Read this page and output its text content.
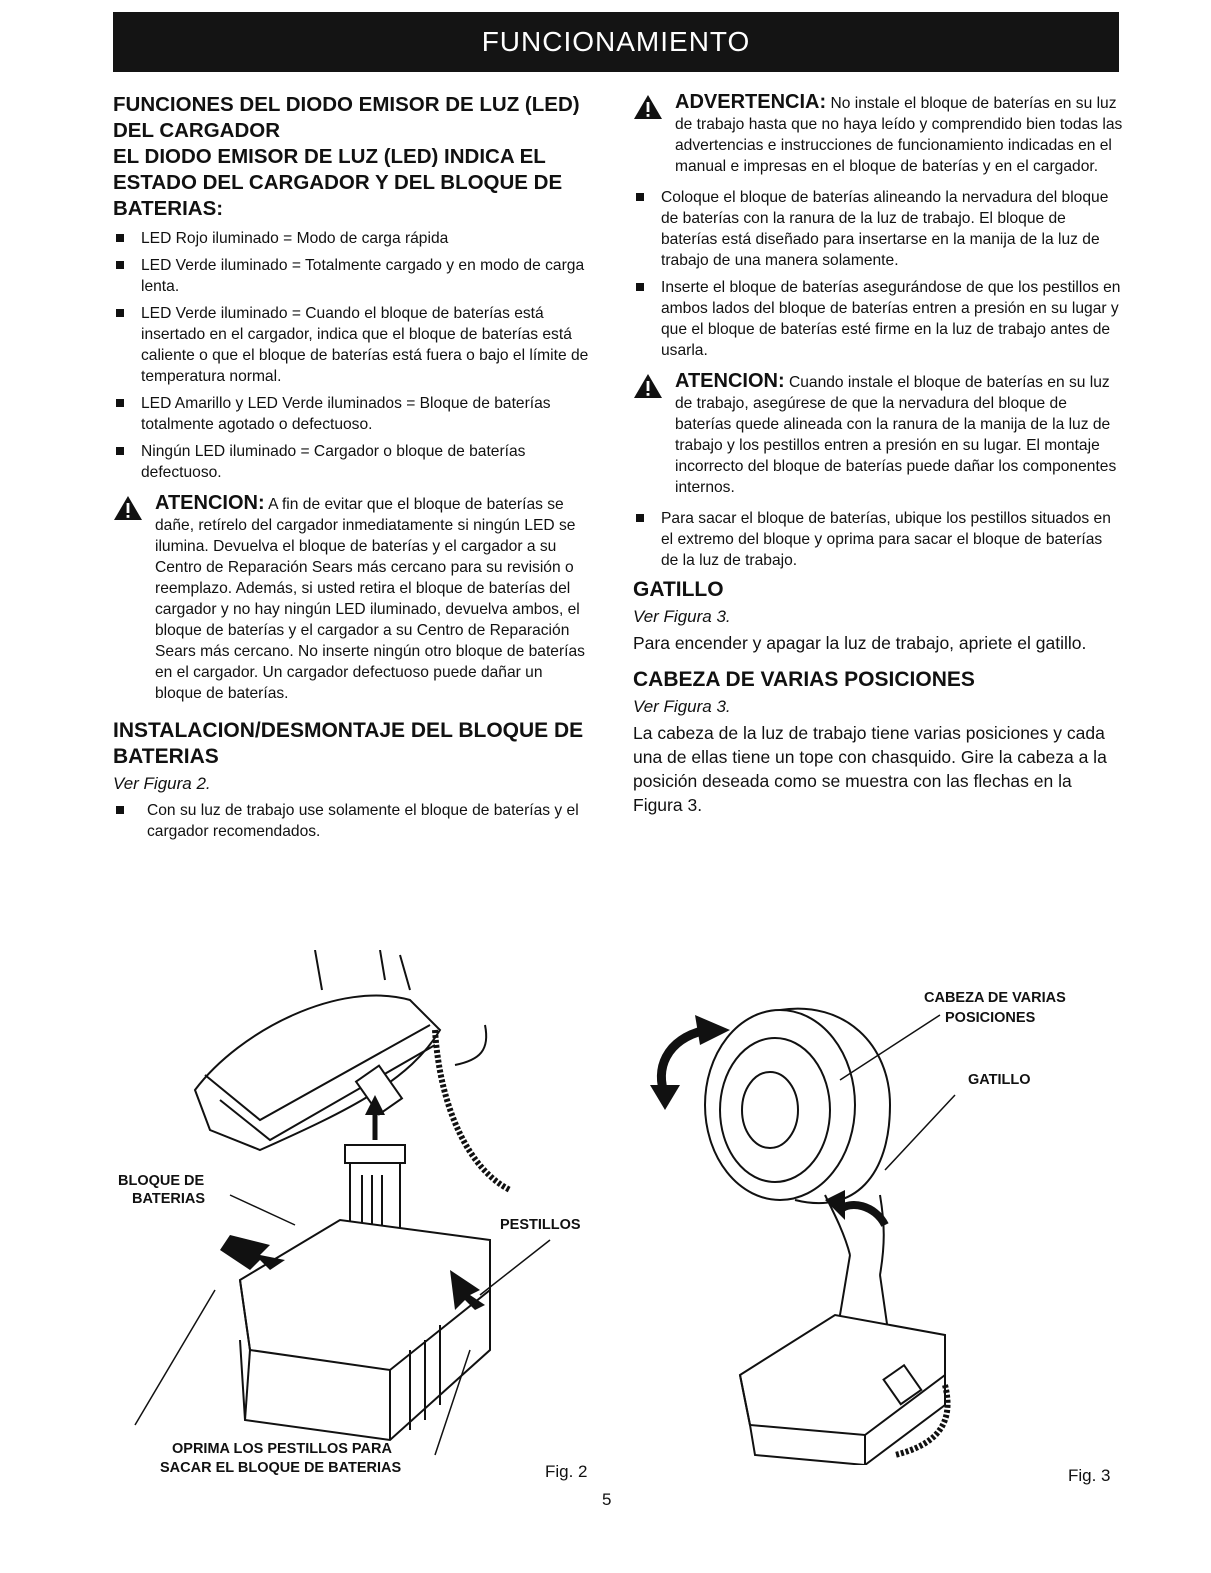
FUNCIONAMIENTO

FUNCIONES DEL DIODO EMISOR DE LUZ (LED) DEL CARGADOR

EL DIODO EMISOR DE LUZ (LED) INDICA EL ESTADO DEL CARGADOR Y DEL BLOQUE DE BATERIAS:

LED Rojo iluminado = Modo de carga rápida
LED Verde iluminado = Totalmente cargado y en modo de carga lenta.
LED Verde iluminado = Cuando el bloque de baterías está insertado en el cargador, indica que el bloque de baterías está caliente o que el bloque de baterías está fuera o bajo el límite de temperatura normal.
LED Amarillo y LED Verde iluminados = Bloque de baterías totalmente agotado o defectuoso.
Ningún LED iluminado = Cargador o bloque de baterías defectuoso.
ATENCION: A fin de evitar que el bloque de baterías se dañe, retírelo del cargador inmediatamente si ningún LED se ilumina. Devuelva el bloque de baterías y el cargador a su Centro de Reparación Sears más cercano para su revisión o reemplazo. Además, si usted retira el bloque de baterías del cargador y no hay ningún LED iluminado, devuelva ambos, el bloque de baterías y el cargador a su Centro de Reparación Sears más cercano. No inserte ningún otro bloque de baterías en el cargador. Un cargador defectuoso puede dañar un bloque de baterías.

INSTALACION/DESMONTAJE DEL BLOQUE DE BATERIAS

Ver Figura 2.

Con su luz de trabajo use solamente el bloque de baterías y el cargador recomendados.
ADVERTENCIA: No instale el bloque de baterías en su luz de trabajo hasta que no haya leído y comprendido bien todas las advertencias e instrucciones de funcionamiento indicadas en el manual e impresas en el bloque de baterías y en el cargador.
Coloque el bloque de baterías alineando la nervadura del bloque de baterías con la ranura de la luz de trabajo. El bloque de baterías está diseñado para insertarse en la manija de la luz de trabajo de una manera solamente.
Inserte el bloque de baterías asegurándose de que los pestillos en ambos lados del bloque de baterías entren a presión en su lugar y que el bloque de baterías esté firme en la luz de trabajo antes de usarla.
ATENCION: Cuando instale el bloque de baterías en su luz de trabajo, asegúrese de que la nervadura del bloque de baterías quede alineada con la ranura de la manija de la luz de trabajo y los pestillos entren a presión en su lugar. El montaje incorrecto del bloque de baterías puede dañar los componentes internos.
Para sacar el bloque de baterías, ubique los pestillos situados en el extremo del bloque y oprima para sacar el bloque de baterías de la luz de trabajo.

GATILLO

Ver Figura 3.

Para encender y apagar la luz de trabajo, apriete el gatillo.

CABEZA DE VARIAS POSICIONES

Ver Figura 3.

La cabeza de la luz de trabajo tiene varias posiciones y cada una de ellas tiene un tope con chasquido. Gire la cabeza a la posición deseada como se muestra con las flechas en la Figura 3.

BLOQUE DE
BATERIAS
PESTILLOS
OPRIMA LOS PESTILLOS PARA
SACAR EL BLOQUE DE BATERIAS	Fig. 2
CABEZA DE VARIAS
POSICIONES
GATILLO
Fig. 3
5
